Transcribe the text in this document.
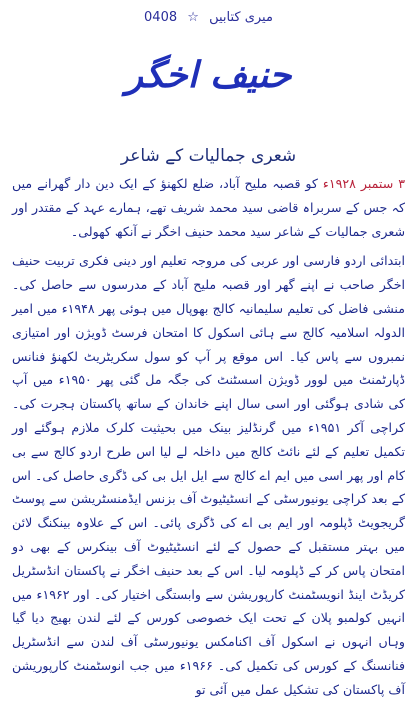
میری کتابیں ☆ 0408
حنیف اخگر
شعری جمالیات کے شاعر

۳ ستمبر ۱۹۲۸ء کو قصبہ ملیح آباد، ضلع لکھنؤ کے ایک دین دار گھرانے میں کہ جس کے سربراہ قاضی سید محمد شریف تھے، ہمارے عہد کے مقتدر اور شعری جمالیات کے شاعر سید محمد حنیف اخگر نے آنکھ کھولی۔

ابتدائی اردو فارسی اور عربی کی مروجہ تعلیم اور دینی فکری تربیت حنیف اخگر صاحب نے اپنے گھر اور قصبہ ملیح آباد کے مدرسوں سے حاصل کی۔ منشی فاضل کی تعلیم سلیمانیہ کالج بھوپال میں ہوئی پھر ۱۹۴۸ء میں امیر الدولہ اسلامیہ کالج سے ہائی اسکول کا امتحان فرسٹ ڈویژن اور امتیازی نمبروں سے پاس کیا۔ اس موقع پر آپ کو سول سکریٹریٹ لکھنؤ فنانس ڈپارٹمنٹ میں لوور ڈویژن اسسٹنٹ کی جگہ مل گئی پھر ۱۹۵۰ء میں آپ کی شادی ہوگئی اور اسی سال اپنے خاندان کے ساتھ پاکستان ہجرت کی۔ کراچی آکر ۱۹۵۱ء میں گرنڈلیز بینک میں بحیثیت کلرک ملازم ہوگئے اور تکمیل تعلیم کے لئے نائٹ کالج میں داخلہ لے لیا اس طرح اردو کالج سے بی کام اور پھر اسی میں ایم اے کالج سے ایل ایل بی کی ڈگری حاصل کی۔ اس کے بعد کراچی یونیورسٹی کے انسٹیٹیوٹ آف بزنس ایڈمنسٹریشن سے پوسٹ گریجویٹ ڈپلومہ اور ایم بی اے کی ڈگری پائی۔ اس کے علاوہ بینکنگ لائن میں بہتر مستقبل کے حصول کے لئے انسٹیٹیوٹ آف بینکرس کے بھی دو امتحان پاس کر کے ڈپلومہ لیا۔ اس کے بعد حنیف اخگر نے پاکستان انڈسٹریل کریڈٹ اینڈ انویسٹمنٹ کارپوریشن سے وابستگی اختیار کی۔ اور ۱۹۶۲ء میں انہیں کولمبو پلان کے تحت ایک خصوصی کورس کے لئے لندن بھیج دیا گیا وہاں انہوں نے اسکول آف اکنامکس یونیورسٹی آف لندن سے انڈسٹریل فنانسنگ کے کورس کی تکمیل کی۔ ۱۹۶۶ء میں جب انوسٹمنٹ کارپوریشن آف پاکستان کی تشکیل عمل میں آئی تو
